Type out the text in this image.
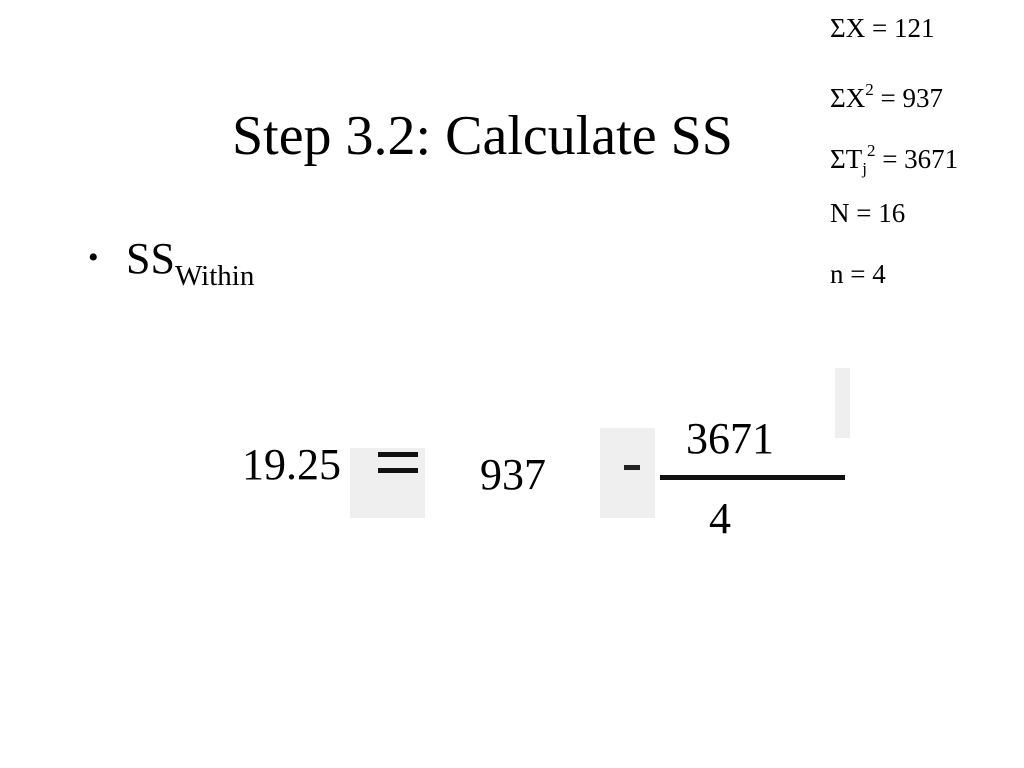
Step 3.2: Calculate SS
• $SS_{Within}$
ΣX = 121
$\Sigma X^2 = 937$
$\Sigma T_j^2 = 3671$
N = 16
n = 4
19.25	937
3671
4
